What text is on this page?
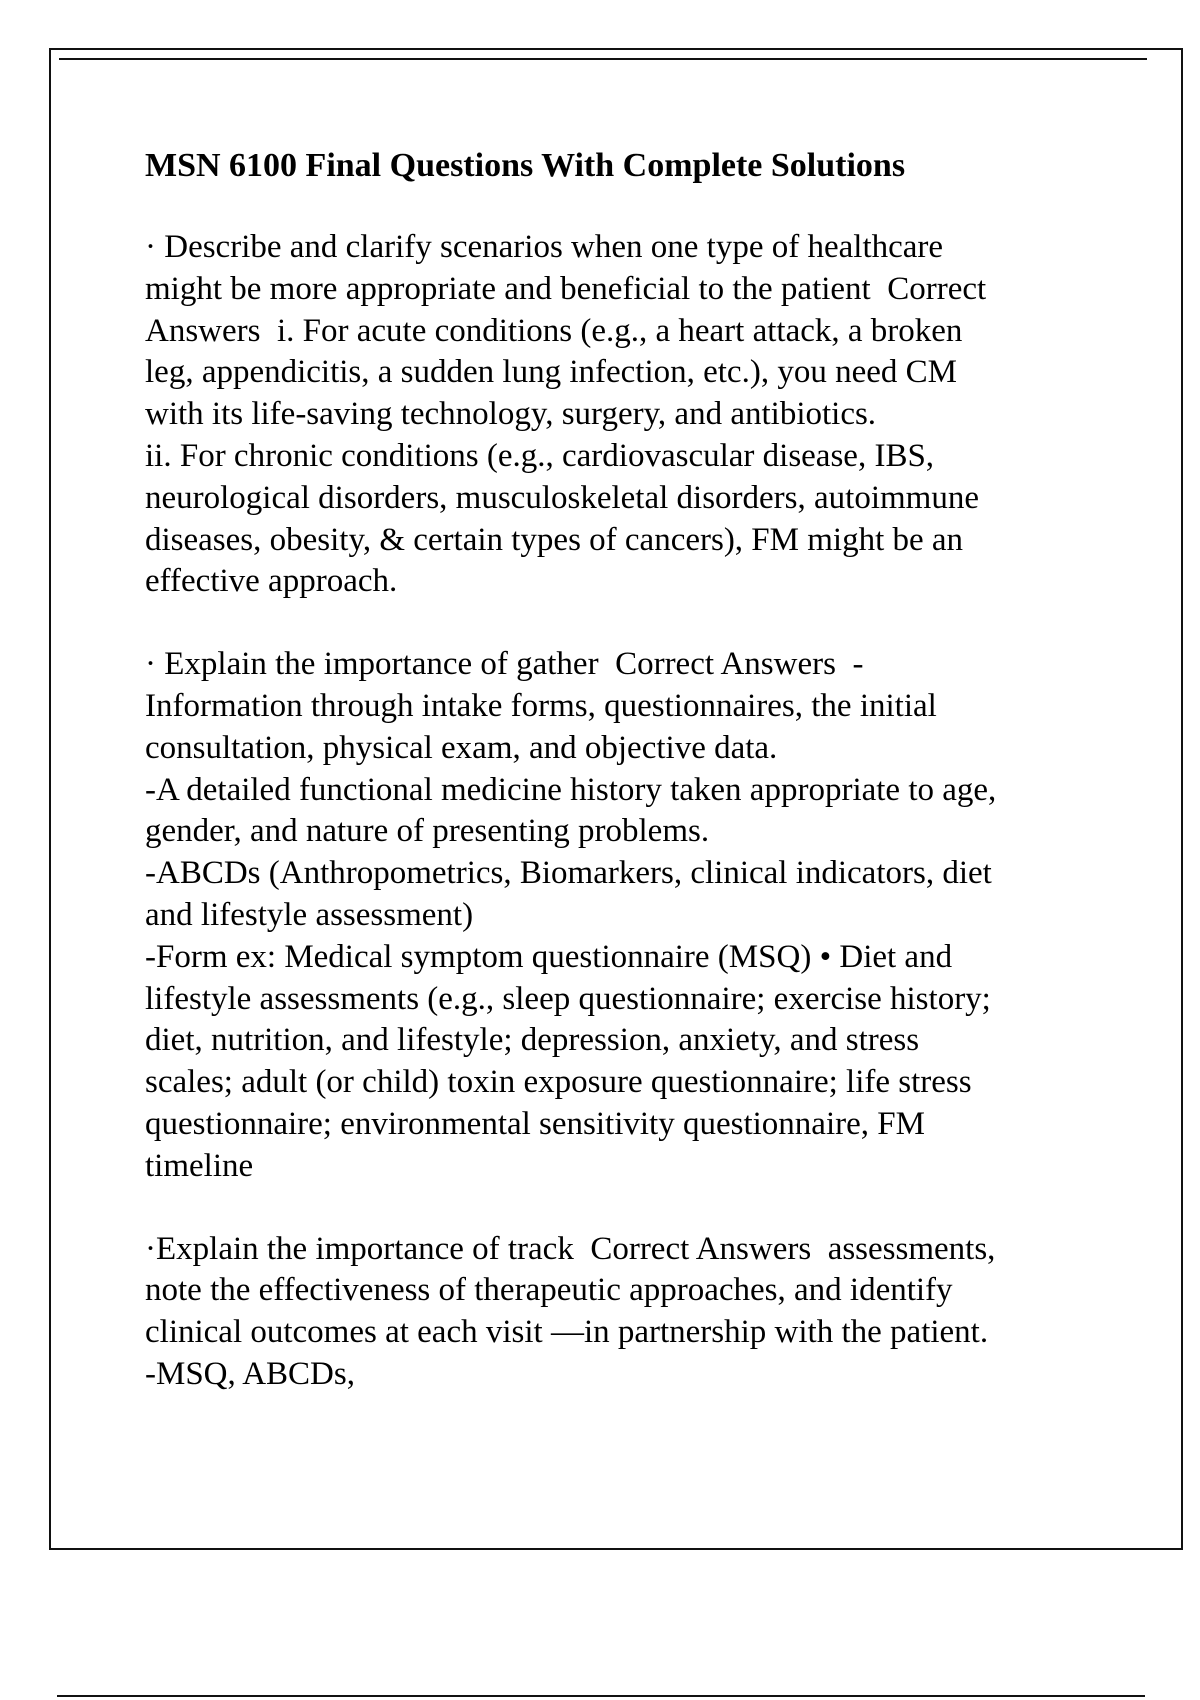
MSN 6100 Final Questions With Complete Solutions
· Describe and clarify scenarios when one type of healthcare
might be more appropriate and beneficial to the patient  Correct
Answers  i. For acute conditions (e.g., a heart attack, a broken
leg, appendicitis, a sudden lung infection, etc.), you need CM
with its life-saving technology, surgery, and antibiotics.
ii. For chronic conditions (e.g., cardiovascular disease, IBS,
neurological disorders, musculoskeletal disorders, autoimmune
diseases, obesity, & certain types of cancers), FM might be an
effective approach.
· Explain the importance of gather  Correct Answers  -
Information through intake forms, questionnaires, the initial
consultation, physical exam, and objective data.
-A detailed functional medicine history taken appropriate to age,
gender, and nature of presenting problems.
-ABCDs (Anthropometrics, Biomarkers, clinical indicators, diet
and lifestyle assessment)
-Form ex: Medical symptom questionnaire (MSQ) • Diet and
lifestyle assessments (e.g., sleep questionnaire; exercise history;
diet, nutrition, and lifestyle; depression, anxiety, and stress
scales; adult (or child) toxin exposure questionnaire; life stress
questionnaire; environmental sensitivity questionnaire, FM
timeline
·Explain the importance of track  Correct Answers  assessments,
note the effectiveness of therapeutic approaches, and identify
clinical outcomes at each visit —in partnership with the patient.
-MSQ, ABCDs,
